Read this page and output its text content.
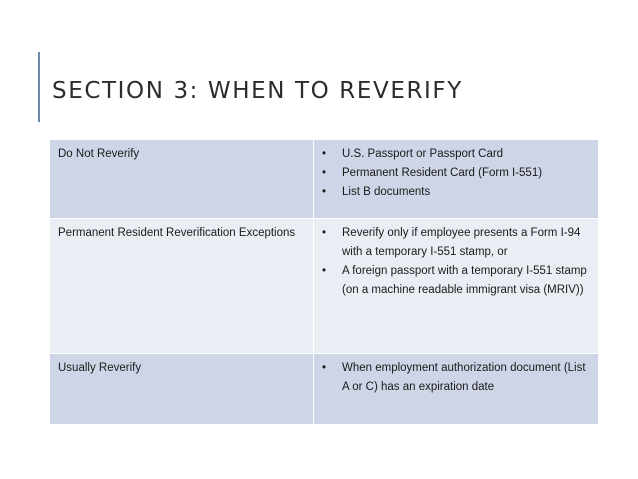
SECTION 3: WHEN TO REVERIFY
Do Not Reverify	•	U.S. Passport or Passport Card
•	Permanent Resident Card (Form I-551)
•	List B documents
Permanent Resident Reverification Exceptions	•	Reverify only if employee presents a Form I-94 with a temporary I-551 stamp, or
•	A foreign passport with a temporary I-551 stamp (on a machine readable immigrant visa (MRIV))
Usually Reverify	•	When employment authorization document (List A or C) has an expiration date
